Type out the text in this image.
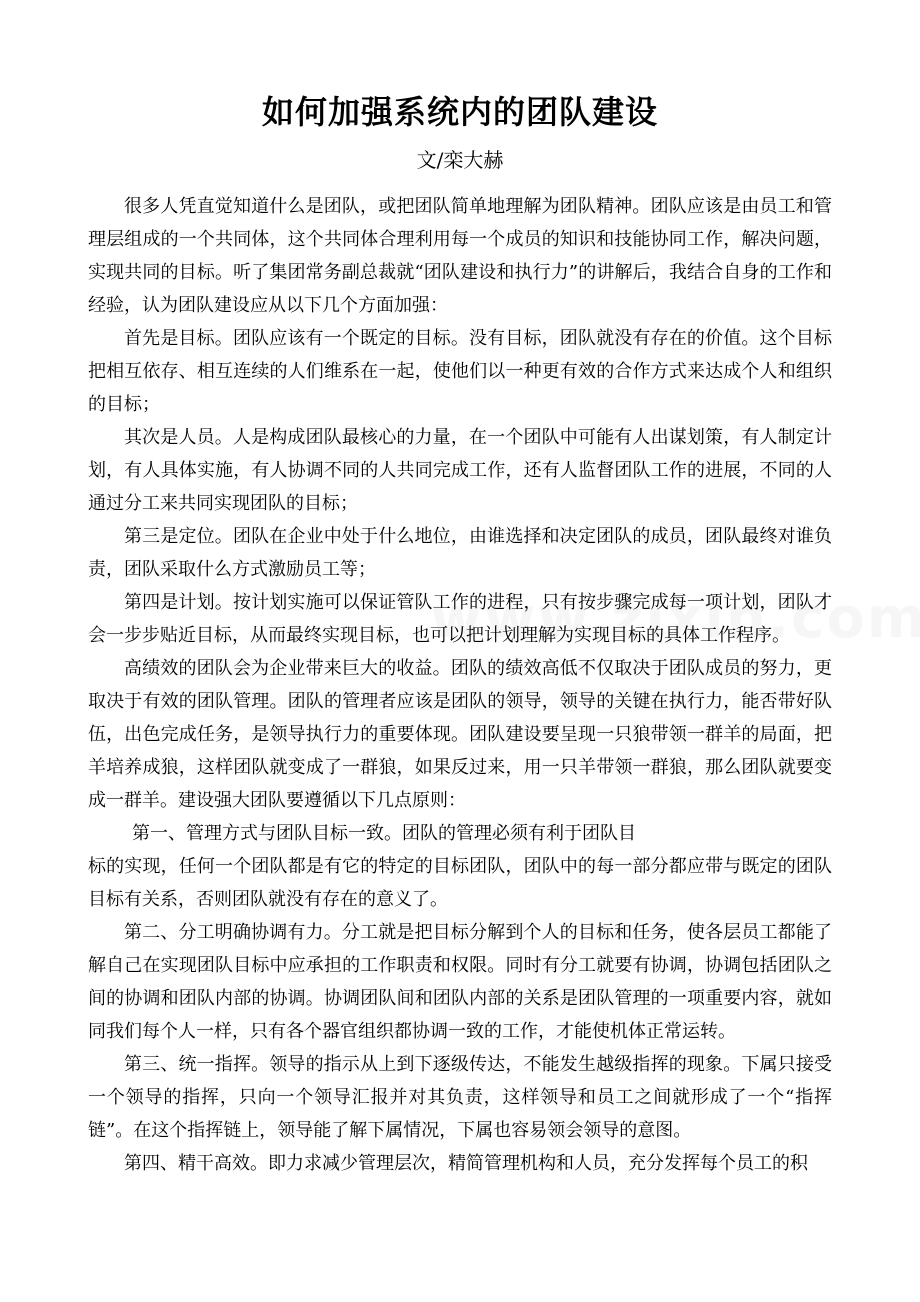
如何加强系统内的团队建设

文/栾大赫

很多人凭直觉知道什么是团队，或把团队简单地理解为团队精神。团队应该是由员工和管理层组成的一个共同体，这个共同体合理利用每一个成员的知识和技能协同工作，解决问题，实现共同的目标。听了集团常务副总裁就“团队建设和执行力”的讲解后，我结合自身的工作和经验，认为团队建设应从以下几个方面加强：

首先是目标。团队应该有一个既定的目标。没有目标，团队就没有存在的价值。这个目标把相互依存、相互连续的人们维系在一起，使他们以一种更有效的合作方式来达成个人和组织的目标；

其次是人员。人是构成团队最核心的力量，在一个团队中可能有人出谋划策，有人制定计划，有人具体实施，有人协调不同的人共同完成工作，还有人监督团队工作的进展，不同的人通过分工来共同实现团队的目标；

第三是定位。团队在企业中处于什么地位，由谁选择和决定团队的成员，团队最终对谁负责，团队采取什么方式激励员工等；

第四是计划。按计划实施可以保证管队工作的进程，只有按步骤完成每一项计划，团队才会一步步贴近目标，从而最终实现目标，也可以把计划理解为实现目标的具体工作程序。

高绩效的团队会为企业带来巨大的收益。团队的绩效高低不仅取决于团队成员的努力，更取决于有效的团队管理。团队的管理者应该是团队的领导，领导的关键在执行力，能否带好队伍，出色完成任务，是领导执行力的重要体现。团队建设要呈现一只狼带领一群羊的局面，把羊培养成狼，这样团队就变成了一群狼，如果反过来，用一只羊带领一群狼，那么团队就要变成一群羊。建设强大团队要遵循以下几点原则：

第一、管理方式与团队目标一致。团队的管理必须有利于团队目
标的实现，任何一个团队都是有它的特定的目标团队，团队中的每一部分都应带与既定的团队目标有关系，否则团队就没有存在的意义了。

第二、分工明确协调有力。分工就是把目标分解到个人的目标和任务，使各层员工都能了解自己在实现团队目标中应承担的工作职责和权限。同时有分工就要有协调，协调包括团队之间的协调和团队内部的协调。协调团队间和团队内部的关系是团队管理的一项重要内容，就如同我们每个人一样，只有各个器官组织都协调一致的工作，才能使机体正常运转。

第三、统一指挥。领导的指示从上到下逐级传达，不能发生越级指挥的现象。下属只接受一个领导的指挥，只向一个领导汇报并对其负责，这样领导和员工之间就形成了一个“指挥链”。在这个指挥链上，领导能了解下属情况，下属也容易领会领导的意图。

第四、精干高效。即力求减少管理层次，精简管理机构和人员，充分发挥每个员工的积
